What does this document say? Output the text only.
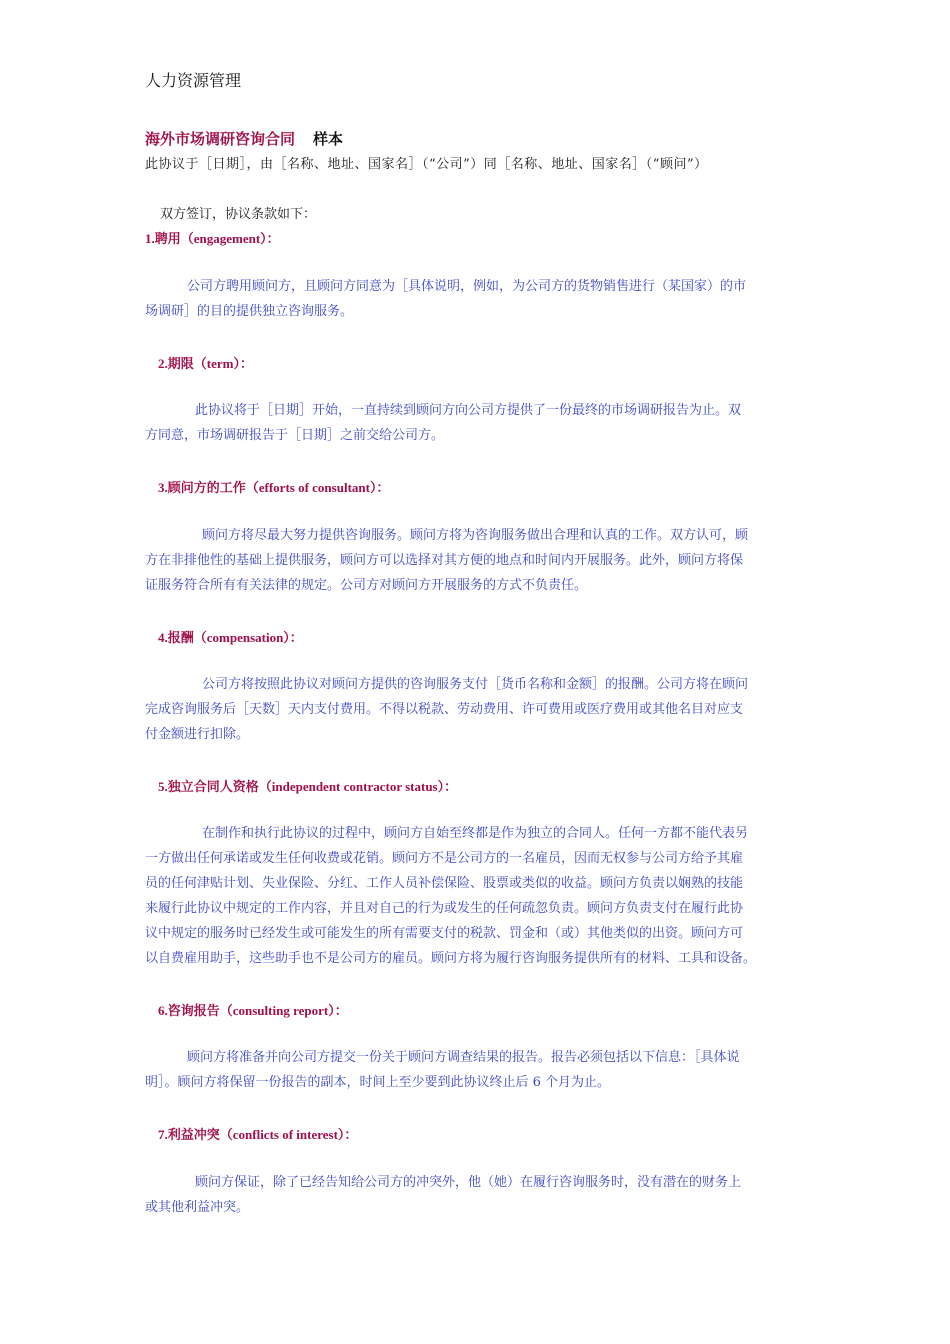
人力资源管理
海外市场调研咨询合同 样本
此协议于［日期］，由［名称、地址、国家名］（“公司”）同［名称、地址、国家名］（“顾问”）
双方签订，协议条款如下：
1.聘用（engagement）：
公司方聘用顾问方，且顾问方同意为［具体说明，例如，为公司方的货物销售进行（某国家）的市
场调研］的目的提供独立咨询服务。
2.期限（term）：
此协议将于［日期］开始，一直持续到顾问方向公司方提供了一份最终的市场调研报告为止。双
方同意，市场调研报告于［日期］之前交给公司方。
3.顾问方的工作（efforts of consultant）：
顾问方将尽最大努力提供咨询服务。顾问方将为咨询服务做出合理和认真的工作。双方认可，顾
方在非排他性的基础上提供服务，顾问方可以选择对其方便的地点和时间内开展服务。此外，顾问方将保
证服务符合所有有关法律的规定。公司方对顾问方开展服务的方式不负责任。
4.报酬（compensation）：
公司方将按照此协议对顾问方提供的咨询服务支付［货币名称和金额］的报酬。公司方将在顾问
完成咨询服务后［天数］天内支付费用。不得以税款、劳动费用、许可费用或医疗费用或其他名目对应支
付金额进行扣除。
5.独立合同人资格（independent contractor status）：
在制作和执行此协议的过程中，顾问方自始至终都是作为独立的合同人。任何一方都不能代表另
一方做出任何承诺或发生任何收费或花销。顾问方不是公司方的一名雇员，因而无权参与公司方给予其雇
员的任何津贴计划、失业保险、分红、工作人员补偿保险、股票或类似的收益。顾问方负责以娴熟的技能
来履行此协议中规定的工作内容，并且对自己的行为或发生的任何疏忽负责。顾问方负责支付在履行此协
议中规定的服务时已经发生或可能发生的所有需要支付的税款、罚金和（或）其他类似的出资。顾问方可
以自费雇用助手，这些助手也不是公司方的雇员。顾问方将为履行咨询服务提供所有的材料、工具和设备。
6.咨询报告（consulting report）：
顾问方将准备并向公司方提交一份关于顾问方调查结果的报告。报告必须包括以下信息：［具体说
明］。顾问方将保留一份报告的副本，时间上至少要到此协议终止后 6 个月为止。
7.利益冲突（conflicts of interest）：
顾问方保证，除了已经告知给公司方的冲突外，他（她）在履行咨询服务时，没有潜在的财务上
或其他利益冲突。
